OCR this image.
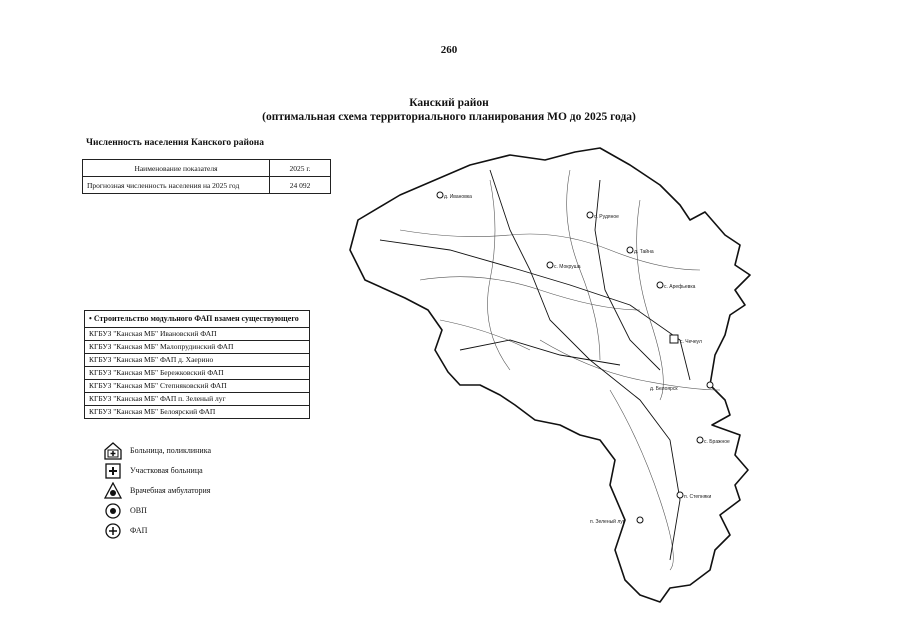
260
Канский район
(оптимальная схема территориального планирования МО до 2025 года)
Численность населения Канского района
Наименование показателя	2025 г.
Прогнозная численность населения на 2025 год	24 092
• Строительство модульного ФАП взамен существующего
КГБУЗ "Канская МБ" Ивановский ФАП
КГБУЗ "Канская МБ" Малопрудинский ФАП
КГБУЗ "Канская МБ" ФАП д. Хаерино
КГБУЗ "Канская МБ" Бережковский ФАП
КГБУЗ "Канская МБ" Степняковский ФАП
КГБУЗ "Канская МБ" ФАП п. Зеленый луг
КГБУЗ "Канская МБ" Белоярский ФАП
Больница, поликлиника
Участковая больница
Врачебная амбулатория
ОВП
ФАП
д. Ивановка
с. Рудяное
д. Тайна
с. Мокруша
с. Арефьевка
с. Чечеул
п. Степняки
п. Зеленый луг
д. Белоярск
с. Бражное
